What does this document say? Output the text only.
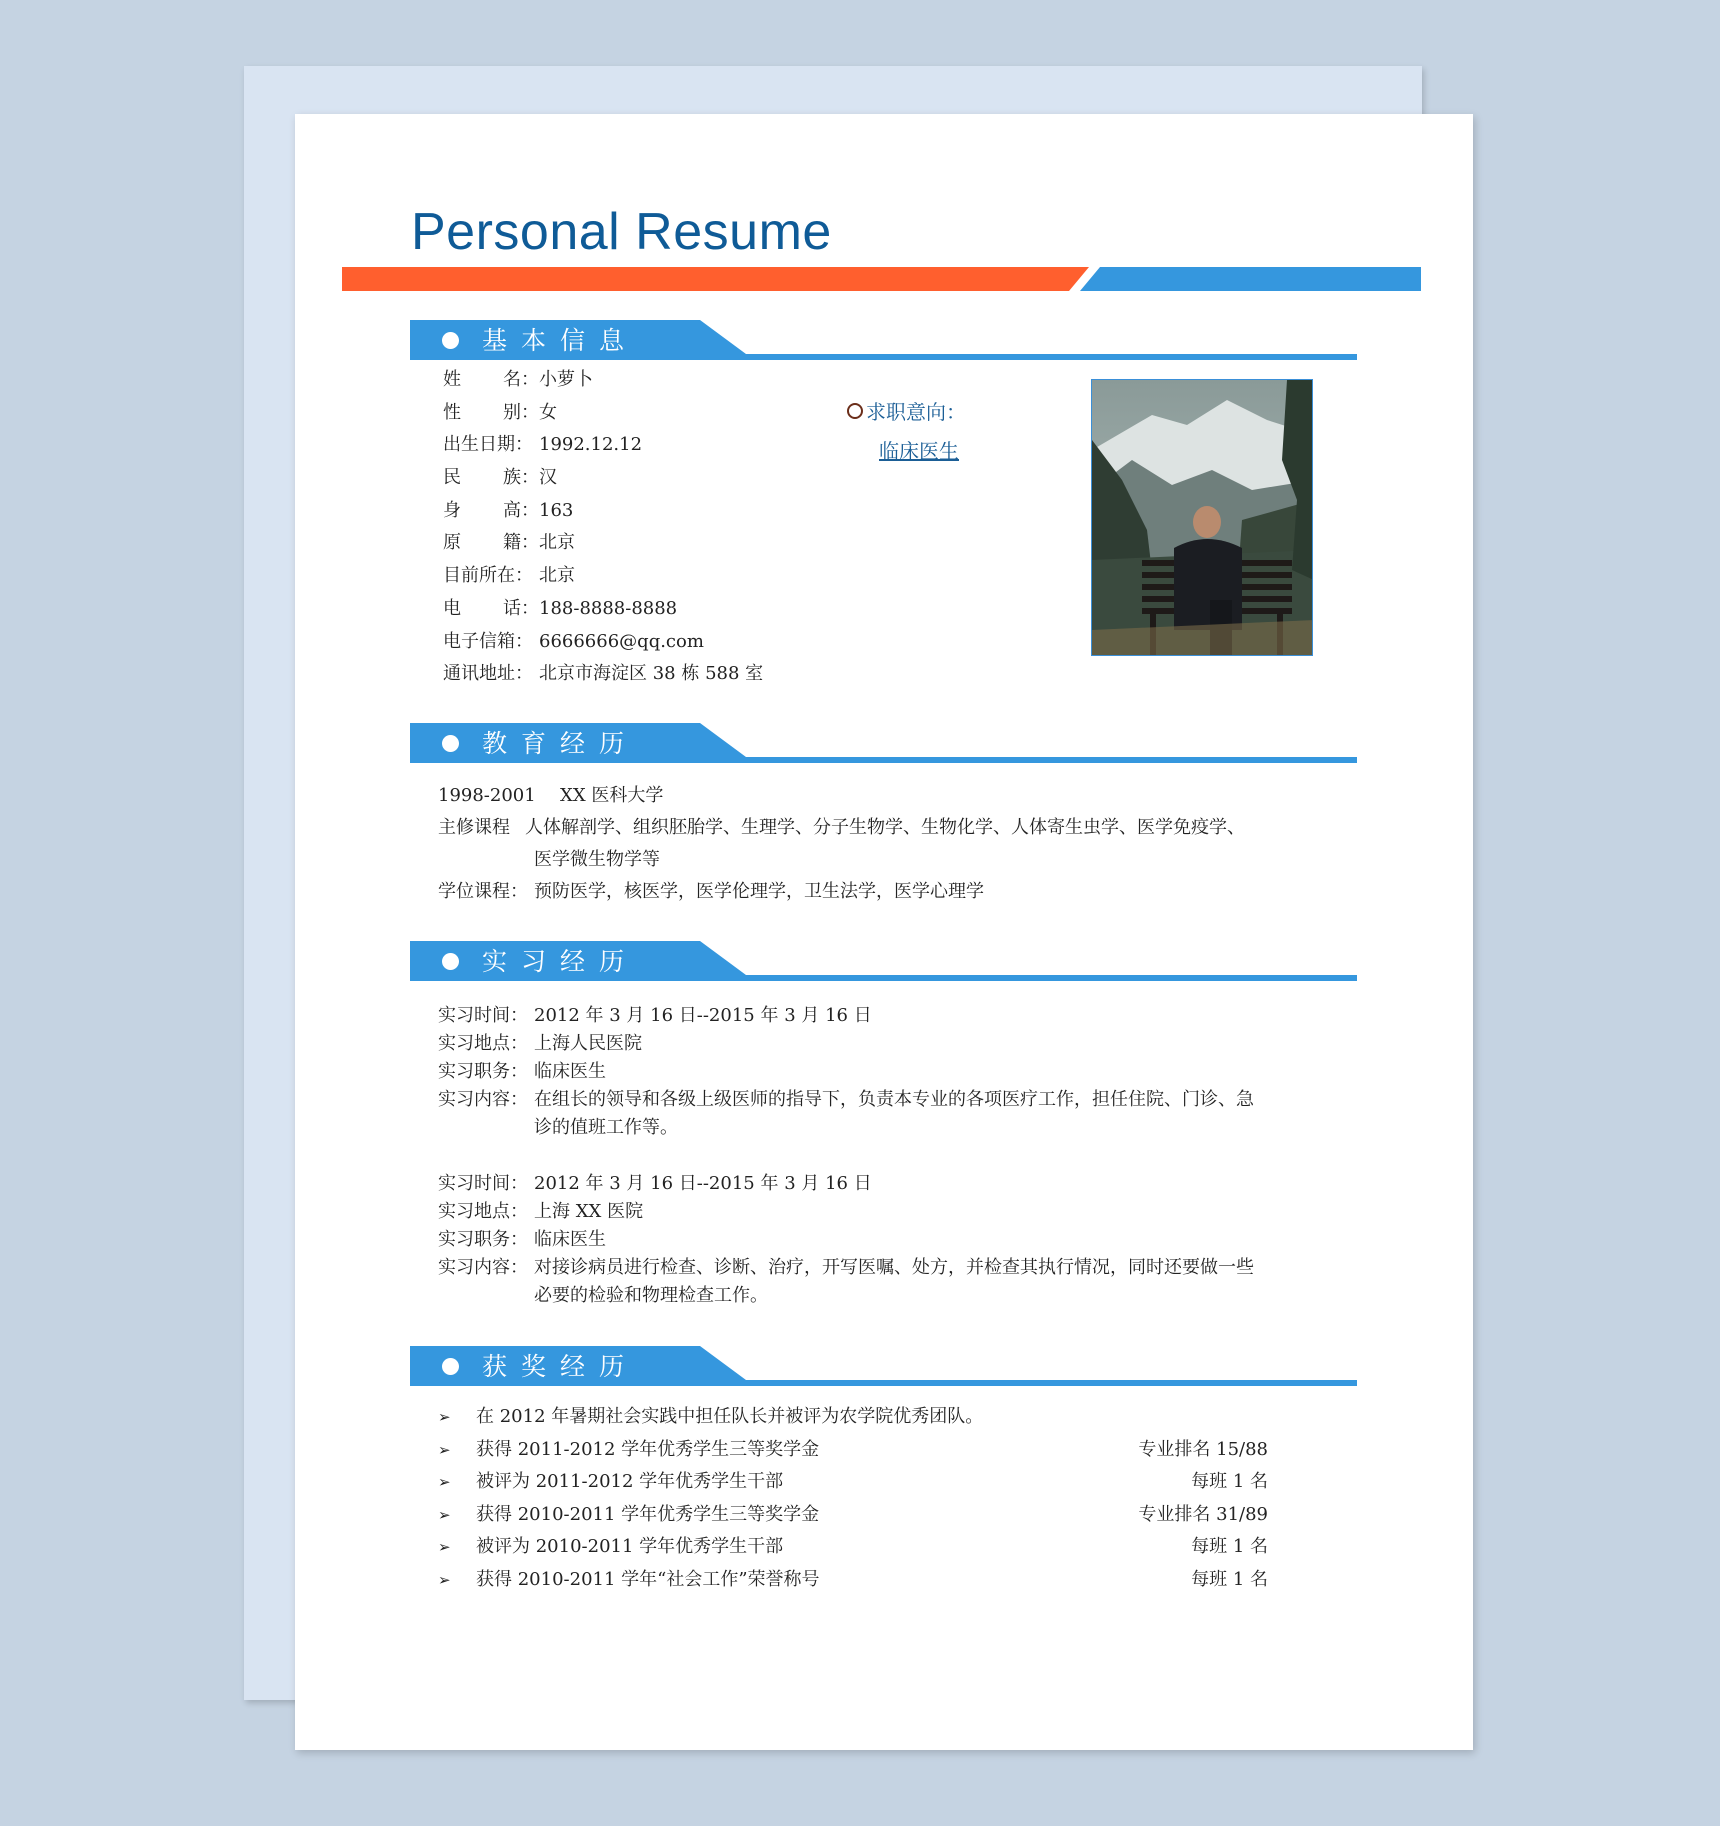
Personal Resume
基本信息
姓 名： 小萝卜
性 别： 女
出生日期： 1992.12.12
民 族： 汉
身 高： 163
原 籍： 北京
目前所在： 北京
电 话： 188-8888-8888
电子信箱： 6666666@qq.com
通讯地址： 北京市海淀区 38 栋 588 室
求职意向：
临床医生
教育经历
1998-2001	XX 医科大学
主修课程 人体解剖学、组织胚胎学、生理学、分子生物学、生物化学、人体寄生虫学、医学免疫学、
医学微生物学等
学位课程： 预防医学，核医学，医学伦理学，卫生法学，医学心理学
实习经历
实习时间： 2012 年 3 月 16 日--2015 年 3 月 16 日
实习地点： 上海人民医院
实习职务： 临床医生
实习内容： 在组长的领导和各级上级医师的指导下，负责本专业的各项医疗工作，担任住院、门诊、急诊的值班工作等。
实习时间： 2012 年 3 月 16 日--2015 年 3 月 16 日
实习地点： 上海 XX 医院
实习职务： 临床医生
实习内容： 对接诊病员进行检查、诊断、治疗，开写医嘱、处方，并检查其执行情况，同时还要做一些必要的检验和物理检查工作。
获奖经历
➢	在 2012 年暑期社会实践中担任队长并被评为农学院优秀团队。
➢	获得 2011-2012 学年优秀学生三等奖学金	专业排名 15/88
➢	被评为 2011-2012 学年优秀学生干部	每班 1 名
➢	获得 2010-2011 学年优秀学生三等奖学金	专业排名 31/89
➢	被评为 2010-2011 学年优秀学生干部	每班 1 名
➢	获得 2010-2011 学年“社会工作”荣誉称号	每班 1 名
